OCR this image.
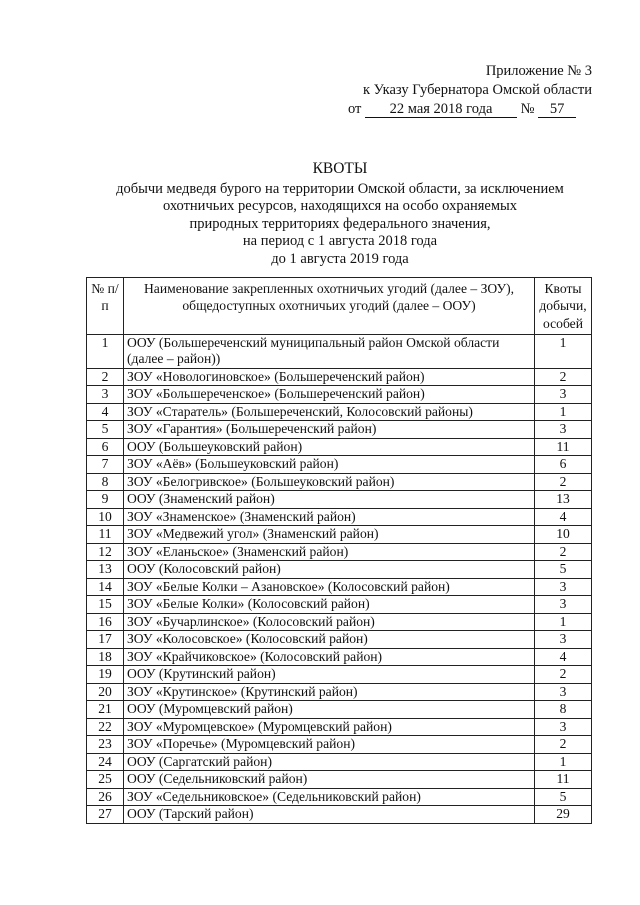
Приложение № 3
к Указу Губернатора Омской области
от 22 мая 2018 года № 57
КВОТЫ
добычи медведя бурого на территории Омской области, за исключением
охотничьих ресурсов, находящихся на особо охраняемых
природных территориях федерального значения,
на период с 1 августа 2018 года
до 1 августа 2019 года
№ п/п	Наименование закрепленных охотничьих угодий (далее – ЗОУ), общедоступных охотничьих угодий (далее – ООУ)	Квоты добычи, особей
1	ООУ (Большереченский муниципальный район Омской области (далее – район))	1
2	ЗОУ «Новологиновское» (Большереченский район)	2
3	ЗОУ «Большереченское» (Большереченский район)	3
4	ЗОУ «Старатель» (Большереченский, Колосовский районы)	1
5	ЗОУ «Гарантия» (Большереченский район)	3
6	ООУ (Большеуковский район)	11
7	ЗОУ «Аёв» (Большеуковский район)	6
8	ЗОУ «Белогривское» (Большеуковский район)	2
9	ООУ (Знаменский район)	13
10	ЗОУ «Знаменское» (Знаменский район)	4
11	ЗОУ «Медвежий угол» (Знаменский район)	10
12	ЗОУ «Еланьское» (Знаменский район)	2
13	ООУ (Колосовский район)	5
14	ЗОУ «Белые Колки – Азановское» (Колосовский район)	3
15	ЗОУ «Белые Колки» (Колосовский район)	3
16	ЗОУ «Бучарлинское» (Колосовский район)	1
17	ЗОУ «Колосовское» (Колосовский район)	3
18	ЗОУ «Крайчиковское» (Колосовский район)	4
19	ООУ (Крутинский район)	2
20	ЗОУ «Крутинское» (Крутинский район)	3
21	ООУ (Муромцевский район)	8
22	ЗОУ «Муромцевское» (Муромцевский район)	3
23	ЗОУ «Поречье» (Муромцевский район)	2
24	ООУ (Саргатский район)	1
25	ООУ (Седельниковский район)	11
26	ЗОУ «Седельниковское» (Седельниковский район)	5
27	ООУ (Тарский район)	29
